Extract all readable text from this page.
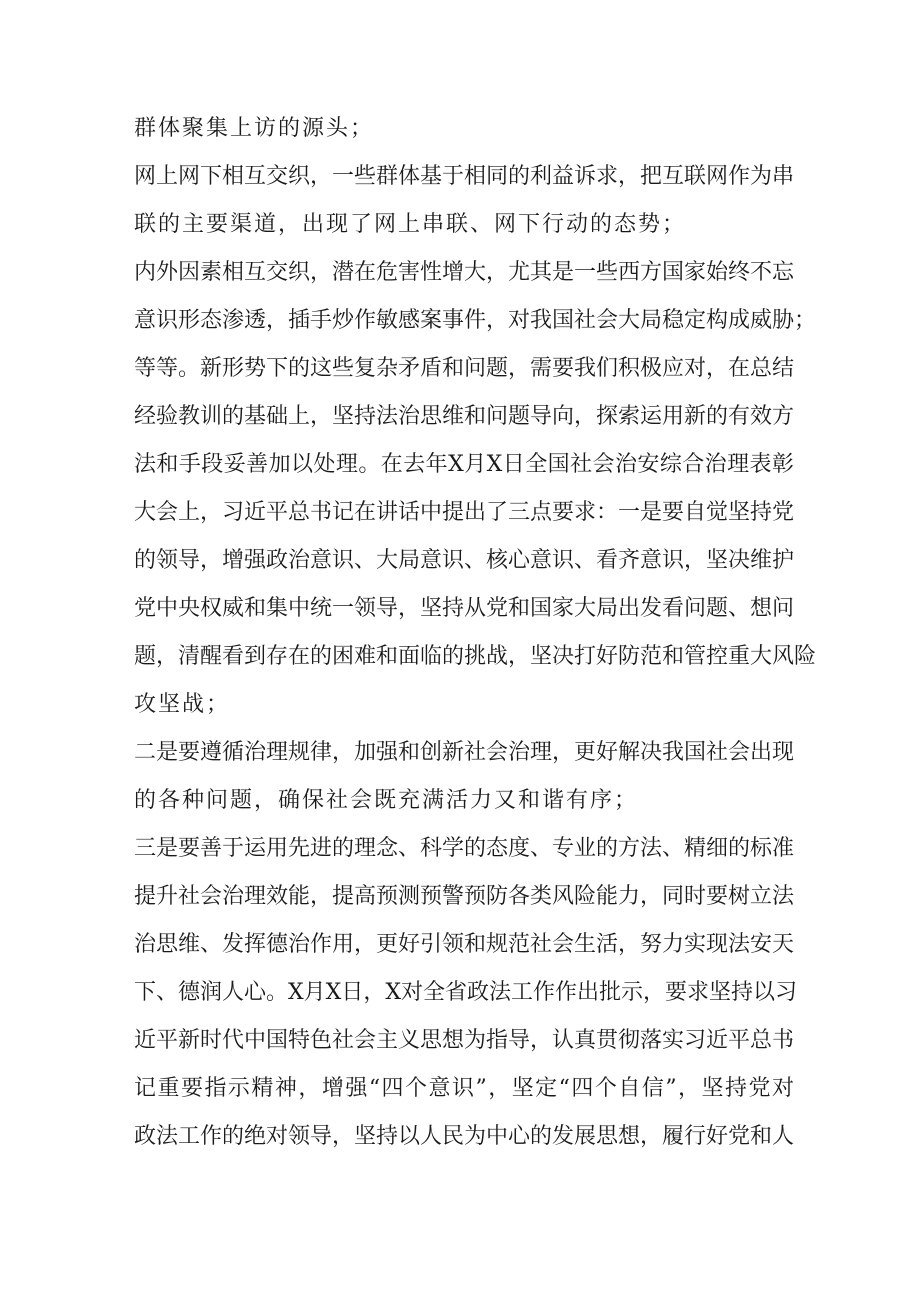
群体聚集上访的源头；
网上网下相互交织，一些群体基于相同的利益诉求，把互联网作为串
联的主要渠道，出现了网上串联、网下行动的态势；
内外因素相互交织，潜在危害性增大，尤其是一些西方国家始终不忘
意识形态渗透，插手炒作敏感案事件，对我国社会大局稳定构成威胁；
等等。新形势下的这些复杂矛盾和问题，需要我们积极应对，在总结
经验教训的基础上，坚持法治思维和问题导向，探索运用新的有效方
法和手段妥善加以处理。在去年X月X日全国社会治安综合治理表彰
大会上，习近平总书记在讲话中提出了三点要求：一是要自觉坚持党
的领导，增强政治意识、大局意识、核心意识、看齐意识，坚决维护
党中央权威和集中统一领导，坚持从党和国家大局出发看问题、想问
题，清醒看到存在的困难和面临的挑战，坚决打好防范和管控重大风险
攻坚战；
二是要遵循治理规律，加强和创新社会治理，更好解决我国社会出现
的各种问题，确保社会既充满活力又和谐有序；
三是要善于运用先进的理念、科学的态度、专业的方法、精细的标准
提升社会治理效能，提高预测预警预防各类风险能力，同时要树立法
治思维、发挥德治作用，更好引领和规范社会生活，努力实现法安天
下、德润人心。X月X日，X对全省政法工作作出批示，要求坚持以习
近平新时代中国特色社会主义思想为指导，认真贯彻落实习近平总书
记重要指示精神，增强“四个意识”，坚定“四个自信”，坚持党对
政法工作的绝对领导，坚持以人民为中心的发展思想，履行好党和人
